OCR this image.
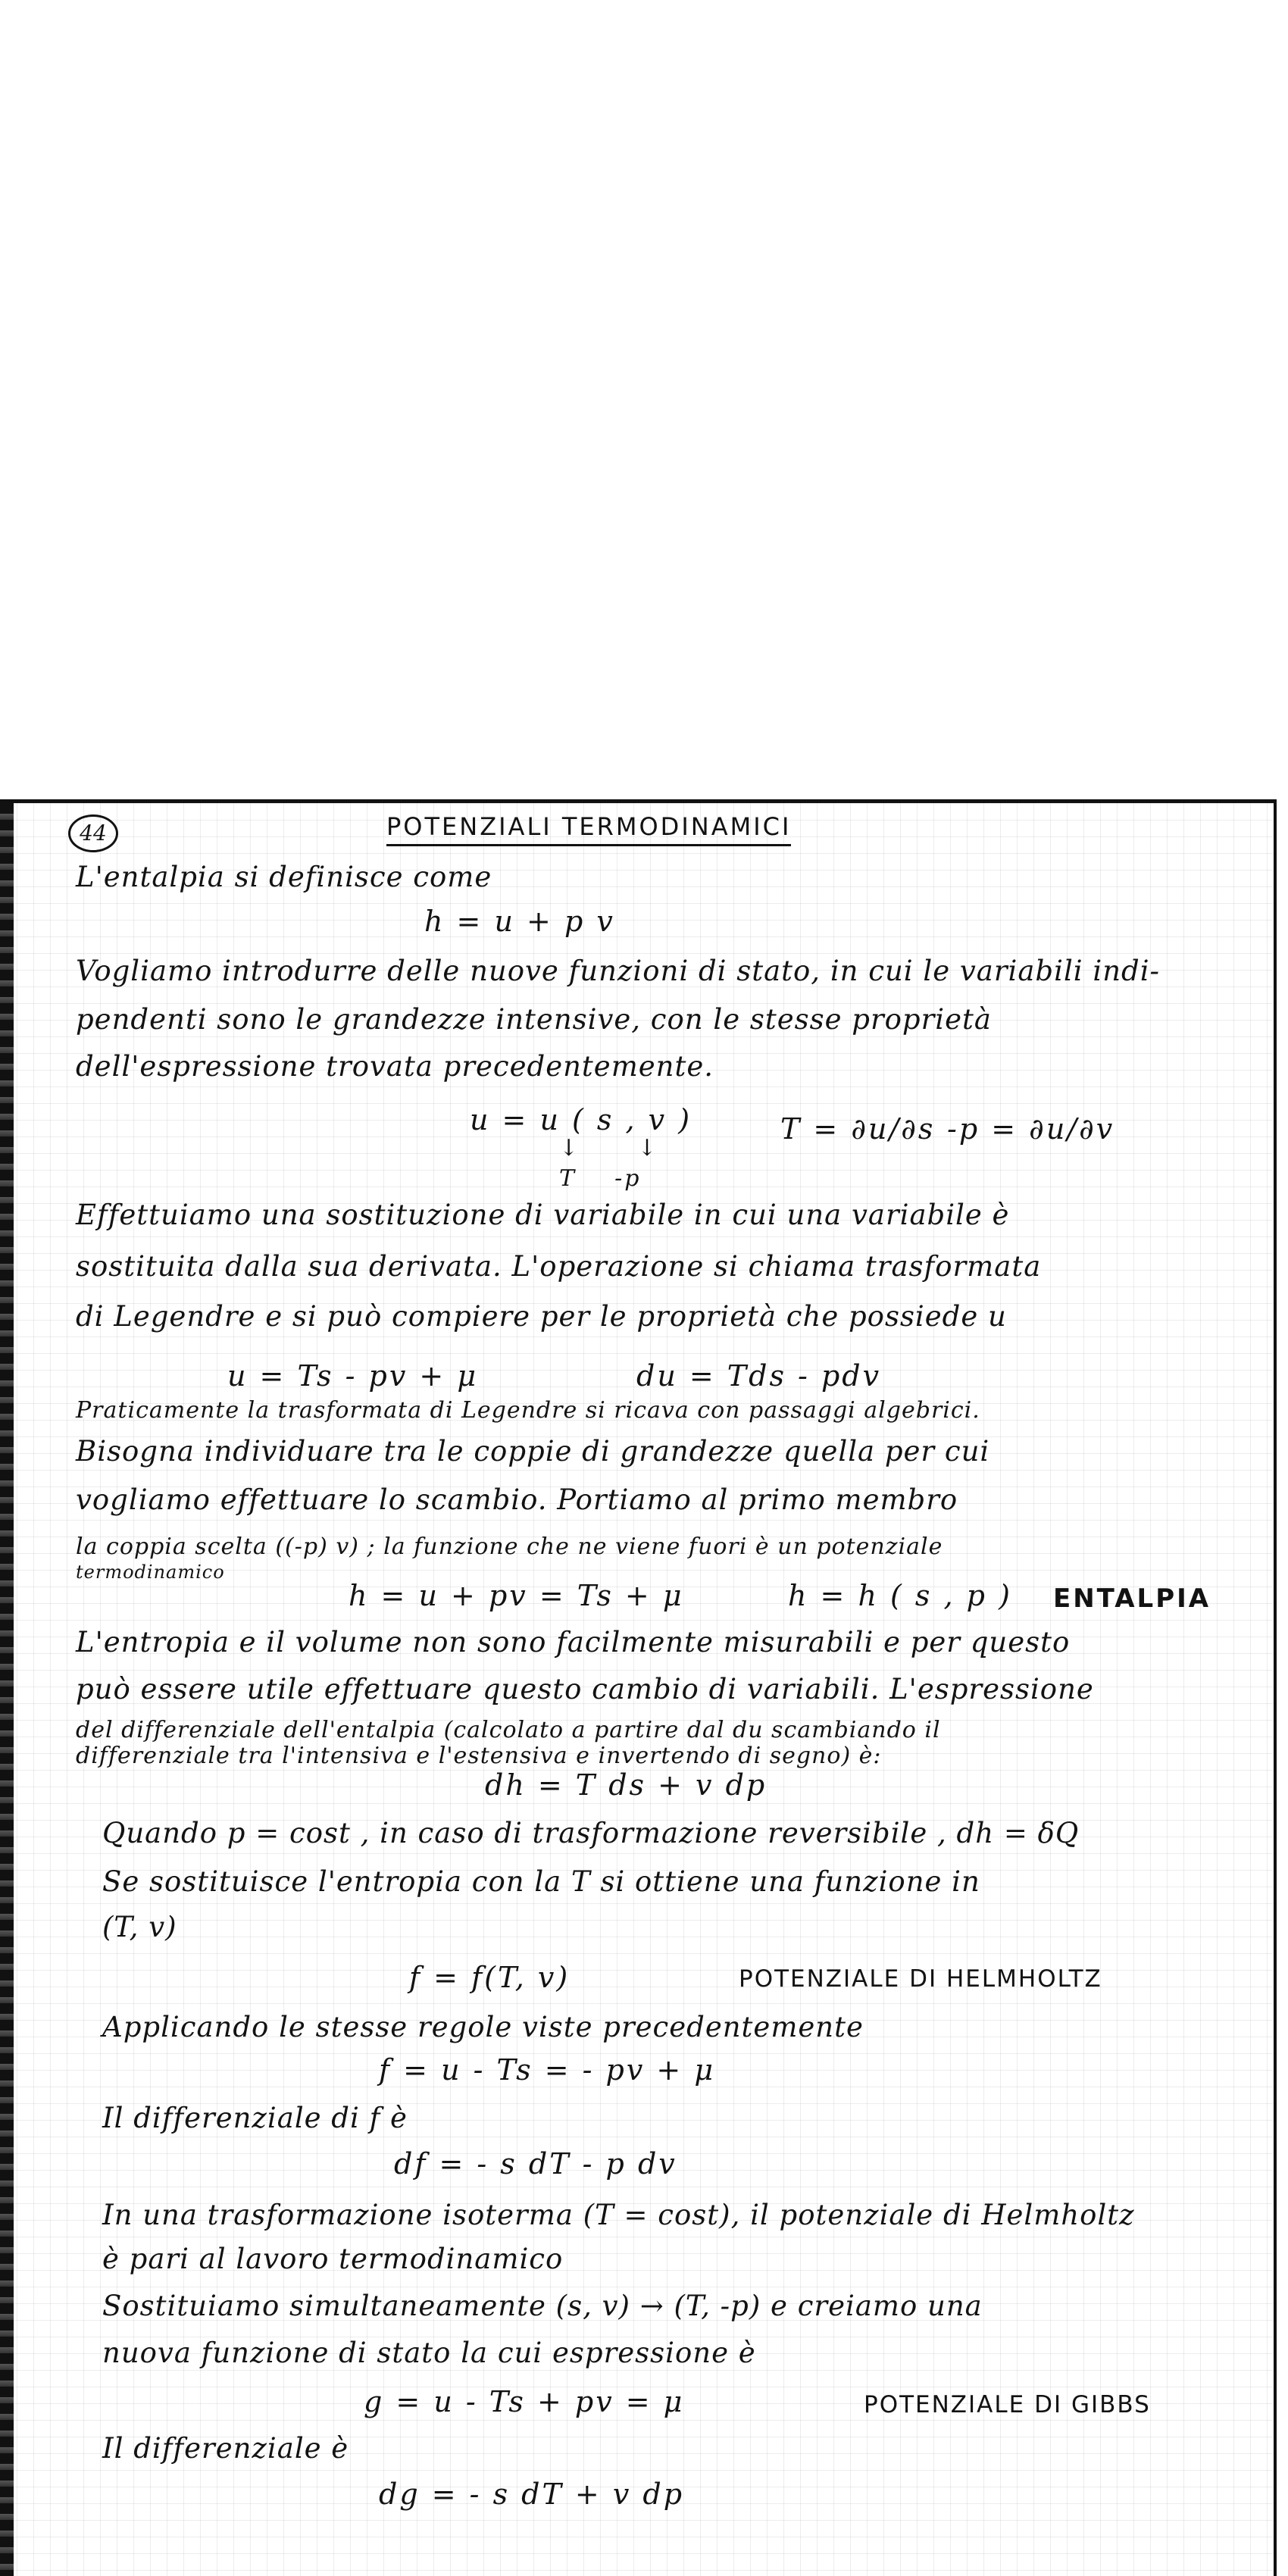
44	POTENZIALI TERMODINAMICI

L'entalpia si definisce come

h = u + p v

Vogliamo introdurre delle nuove funzioni di stato, in cui le variabili indi-

pendenti sono le grandezze intensive, con le stesse proprietà

dell'espressione trovata precedentemente.

u = u ( s , v )

↓      ↓

T    -p

T = ∂u/∂s -p = ∂u/∂v

Effettuiamo una sostituzione di variabile in cui una variabile è

sostituita dalla sua derivata. L'operazione si chiama trasformata

di Legendre e si può compiere per le proprietà che possiede u

u = Ts - pv + μ	du = Tds - pdv

Praticamente la trasformata di Legendre si ricava con passaggi algebrici.

Bisogna individuare tra le coppie di grandezze quella per cui

vogliamo effettuare lo scambio. Portiamo al primo membro

la coppia scelta ((-p) v) ; la funzione che ne viene fuori è un potenziale

termodinamico

h = u + pv = Ts + μ	h = h ( s , p ) ENTALPIA

L'entropia e il volume non sono facilmente misurabili e per questo

può essere utile effettuare questo cambio di variabili. L'espressione

del differenziale dell'entalpia (calcolato a partire dal du scambiando il

differenziale tra l'intensiva e l'estensiva e invertendo di segno) è:

dh = T ds + v dp

Quando p = cost , in caso di trasformazione reversibile , dh = δQ

Se sostituisce l'entropia con la T si ottiene una funzione in

(T, v)

f = f(T, v)	POTENZIALE DI HELMHOLTZ

Applicando le stesse regole viste precedentemente

f = u - Ts = - pv + μ

Il differenziale di f è

df = - s dT - p dv

In una trasformazione isoterma (T = cost), il potenziale di Helmholtz

è pari al lavoro termodinamico

Sostituiamo simultaneamente (s, v) → (T, -p) e creiamo una

nuova funzione di stato la cui espressione è

g = u - Ts + pv = μ	POTENZIALE DI GIBBS

Il differenziale è

dg = - s dT + v dp
